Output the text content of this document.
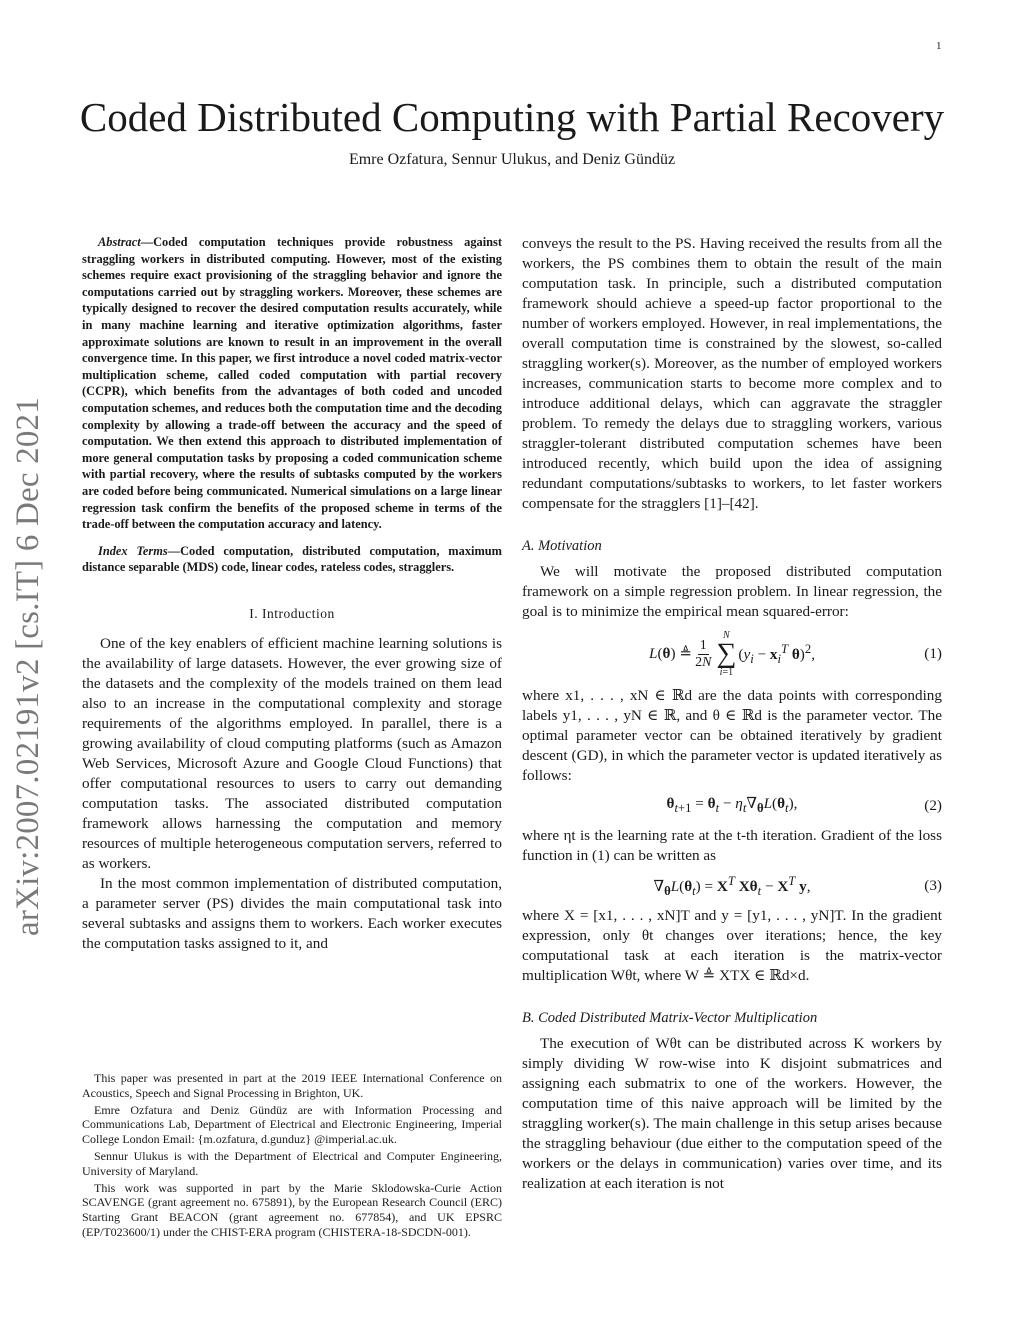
1
arXiv:2007.02191v2 [cs.IT] 6 Dec 2021
Coded Distributed Computing with Partial Recovery
Emre Ozfatura, Sennur Ulukus, and Deniz Gündüz

Abstract—Coded computation techniques provide robustness against straggling workers in distributed computing. However, most of the existing schemes require exact provisioning of the straggling behavior and ignore the computations carried out by straggling workers. Moreover, these schemes are typically designed to recover the desired computation results accurately, while in many machine learning and iterative optimization algorithms, faster approximate solutions are known to result in an improvement in the overall convergence time. In this paper, we first introduce a novel coded matrix-vector multiplication scheme, called coded computation with partial recovery (CCPR), which benefits from the advantages of both coded and uncoded computation schemes, and reduces both the computation time and the decoding complexity by allowing a trade-off between the accuracy and the speed of computation. We then extend this approach to distributed implementation of more general computation tasks by proposing a coded communication scheme with partial recovery, where the results of subtasks computed by the workers are coded before being communicated. Numerical simulations on a large linear regression task confirm the benefits of the proposed scheme in terms of the trade-off between the computation accuracy and latency.

Index Terms—Coded computation, distributed computation, maximum distance separable (MDS) code, linear codes, rateless codes, stragglers.

I. Introduction

One of the key enablers of efficient machine learning solutions is the availability of large datasets. However, the ever growing size of the datasets and the complexity of the models trained on them lead also to an increase in the computational complexity and storage requirements of the algorithms employed. In parallel, there is a growing availability of cloud computing platforms (such as Amazon Web Services, Microsoft Azure and Google Cloud Functions) that offer computational resources to users to carry out demanding computation tasks. The associated distributed computation framework allows harnessing the computation and memory resources of multiple heterogeneous computation servers, referred to as workers.

In the most common implementation of distributed computation, a parameter server (PS) divides the main computational task into several subtasks and assigns them to workers. Each worker executes the computation tasks assigned to it, and

conveys the result to the PS. Having received the results from all the workers, the PS combines them to obtain the result of the main computation task. In principle, such a distributed computation framework should achieve a speed-up factor proportional to the number of workers employed. However, in real implementations, the overall computation time is constrained by the slowest, so-called straggling worker(s). Moreover, as the number of employed workers increases, communication starts to become more complex and to introduce additional delays, which can aggravate the straggler problem. To remedy the delays due to straggling workers, various straggler-tolerant distributed computation schemes have been introduced recently, which build upon the idea of assigning redundant computations/subtasks to workers, to let faster workers compensate for the stragglers [1]–[42].

A. Motivation

We will motivate the proposed distributed computation framework on a simple regression problem. In linear regression, the goal is to minimize the empirical mean squared-error:

L(θ) ≜ $\frac{1}{2N}$
N
∑
i=1
($y_i - x_i^T$ θ)$^2$,	(1)

where x1, . . . , xN ∈ ℝd are the data points with corresponding labels y1, . . . , yN ∈ ℝ, and θ ∈ ℝd is the parameter vector. The optimal parameter vector can be obtained iteratively by gradient descent (GD), in which the parameter vector is updated iteratively as follows:

$\theta_{t+1} = \theta_t - \eta_t\nabla_\theta L(\theta_t)$,	(2)

where ηt is the learning rate at the t-th iteration. Gradient of the loss function in (1) can be written as

$\nabla_\theta L(\theta_t) = X^T$ $X\theta_t - X^T$ y,	(3)

where X = [x1, . . . , xN]T and y = [y1, . . . , yN]T. In the gradient expression, only θt changes over iterations; hence, the key computational task at each iteration is the matrix-vector multiplication Wθt, where W ≜ XTX ∈ ℝd×d.

B. Coded Distributed Matrix-Vector Multiplication

The execution of Wθt can be distributed across K workers by simply dividing W row-wise into K disjoint submatrices and assigning each submatrix to one of the workers. However, the computation time of this naive approach will be limited by the straggling worker(s). The main challenge in this setup arises because the straggling behaviour (due either to the computation speed of the workers or the delays in communication) varies over time, and its realization at each iteration is not

This paper was presented in part at the 2019 IEEE International Conference on Acoustics, Speech and Signal Processing in Brighton, UK.

Emre Ozfatura and Deniz Gündüz are with Information Processing and Communications Lab, Department of Electrical and Electronic Engineering, Imperial College London Email: {m.ozfatura, d.gunduz} @imperial.ac.uk.

Sennur Ulukus is with the Department of Electrical and Computer Engineering, University of Maryland.

This work was supported in part by the Marie Sklodowska-Curie Action SCAVENGE (grant agreement no. 675891), by the European Research Council (ERC) Starting Grant BEACON (grant agreement no. 677854), and UK EPSRC (EP/T023600/1) under the CHIST-ERA program (CHISTERA-18-SDCDN-001).
